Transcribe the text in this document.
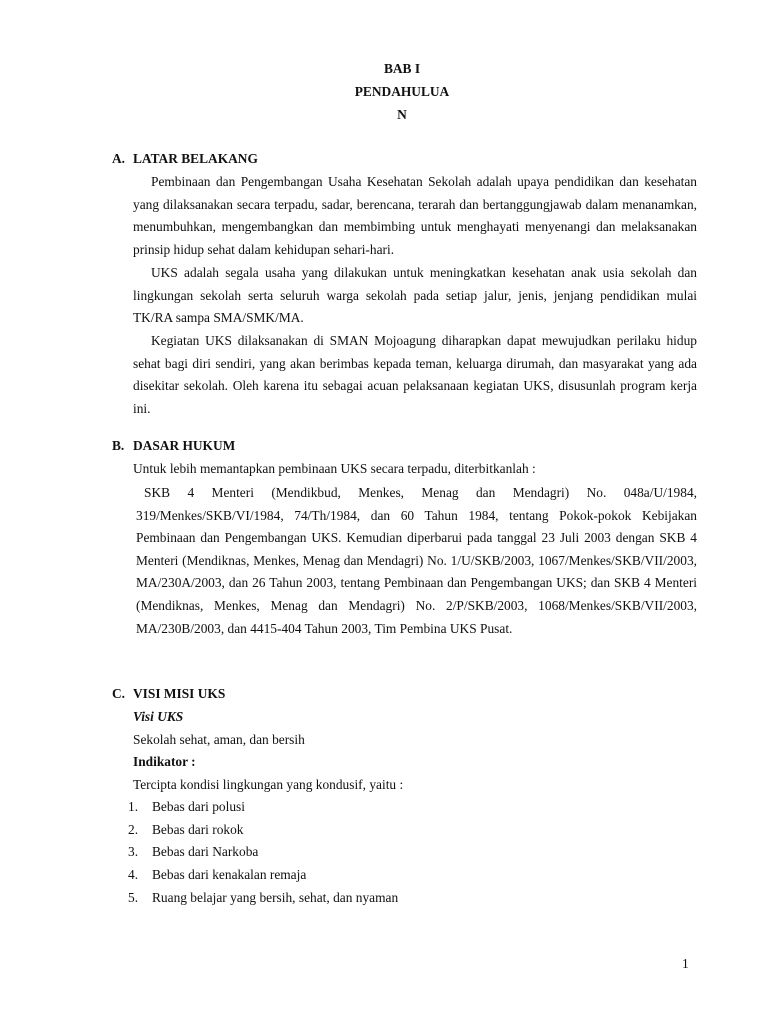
BAB I
PENDAHULUA
N
A. LATAR BELAKANG

Pembinaan dan Pengembangan Usaha Kesehatan Sekolah adalah upaya pendidikan dan kesehatan yang dilaksanakan secara terpadu, sadar, berencana, terarah dan bertanggungjawab dalam menanamkan, menumbuhkan, mengembangkan dan membimbing untuk menghayati menyenangi dan melaksanakan prinsip hidup sehat dalam kehidupan sehari-hari.

UKS adalah segala usaha yang dilakukan untuk meningkatkan kesehatan anak usia sekolah dan lingkungan sekolah serta seluruh warga sekolah pada setiap jalur, jenis, jenjang pendidikan mulai TK/RA sampa SMA/SMK/MA.

Kegiatan UKS dilaksanakan di SMAN Mojoagung diharapkan dapat mewujudkan perilaku hidup sehat bagi diri sendiri, yang akan berimbas kepada teman, keluarga dirumah, dan masyarakat yang ada disekitar sekolah. Oleh karena itu sebagai acuan pelaksanaan kegiatan UKS, disusunlah program kerja ini.

B. DASAR HUKUM
Untuk lebih memantapkan pembinaan UKS secara terpadu, diterbitkanlah :

SKB 4 Menteri (Mendikbud, Menkes, Menag dan Mendagri) No. 048a/U/1984, 319/Menkes/SKB/VI/1984, 74/Th/1984, dan 60 Tahun 1984, tentang Pokok-pokok Kebijakan Pembinaan dan Pengembangan UKS. Kemudian diperbarui pada tanggal 23 Juli 2003 dengan SKB 4 Menteri (Mendiknas, Menkes, Menag dan Mendagri) No. 1/U/SKB/2003, 1067/Menkes/SKB/VII/2003, MA/230A/2003, dan 26 Tahun 2003, tentang Pembinaan dan Pengembangan UKS; dan SKB 4 Menteri (Mendiknas, Menkes, Menag dan Mendagri) No. 2/P/SKB/2003, 1068/Menkes/SKB/VII/2003, MA/230B/2003, dan 4415-404 Tahun 2003, Tim Pembina UKS Pusat.

C. VISI MISI UKS
Visi UKS
Sekolah sehat, aman, dan bersih
Indikator :
Tercipta kondisi lingkungan yang kondusif, yaitu :
1. Bebas dari polusi
2. Bebas dari rokok
3. Bebas dari Narkoba
4. Bebas dari kenakalan remaja
5. Ruang belajar yang bersih, sehat, dan nyaman
1
